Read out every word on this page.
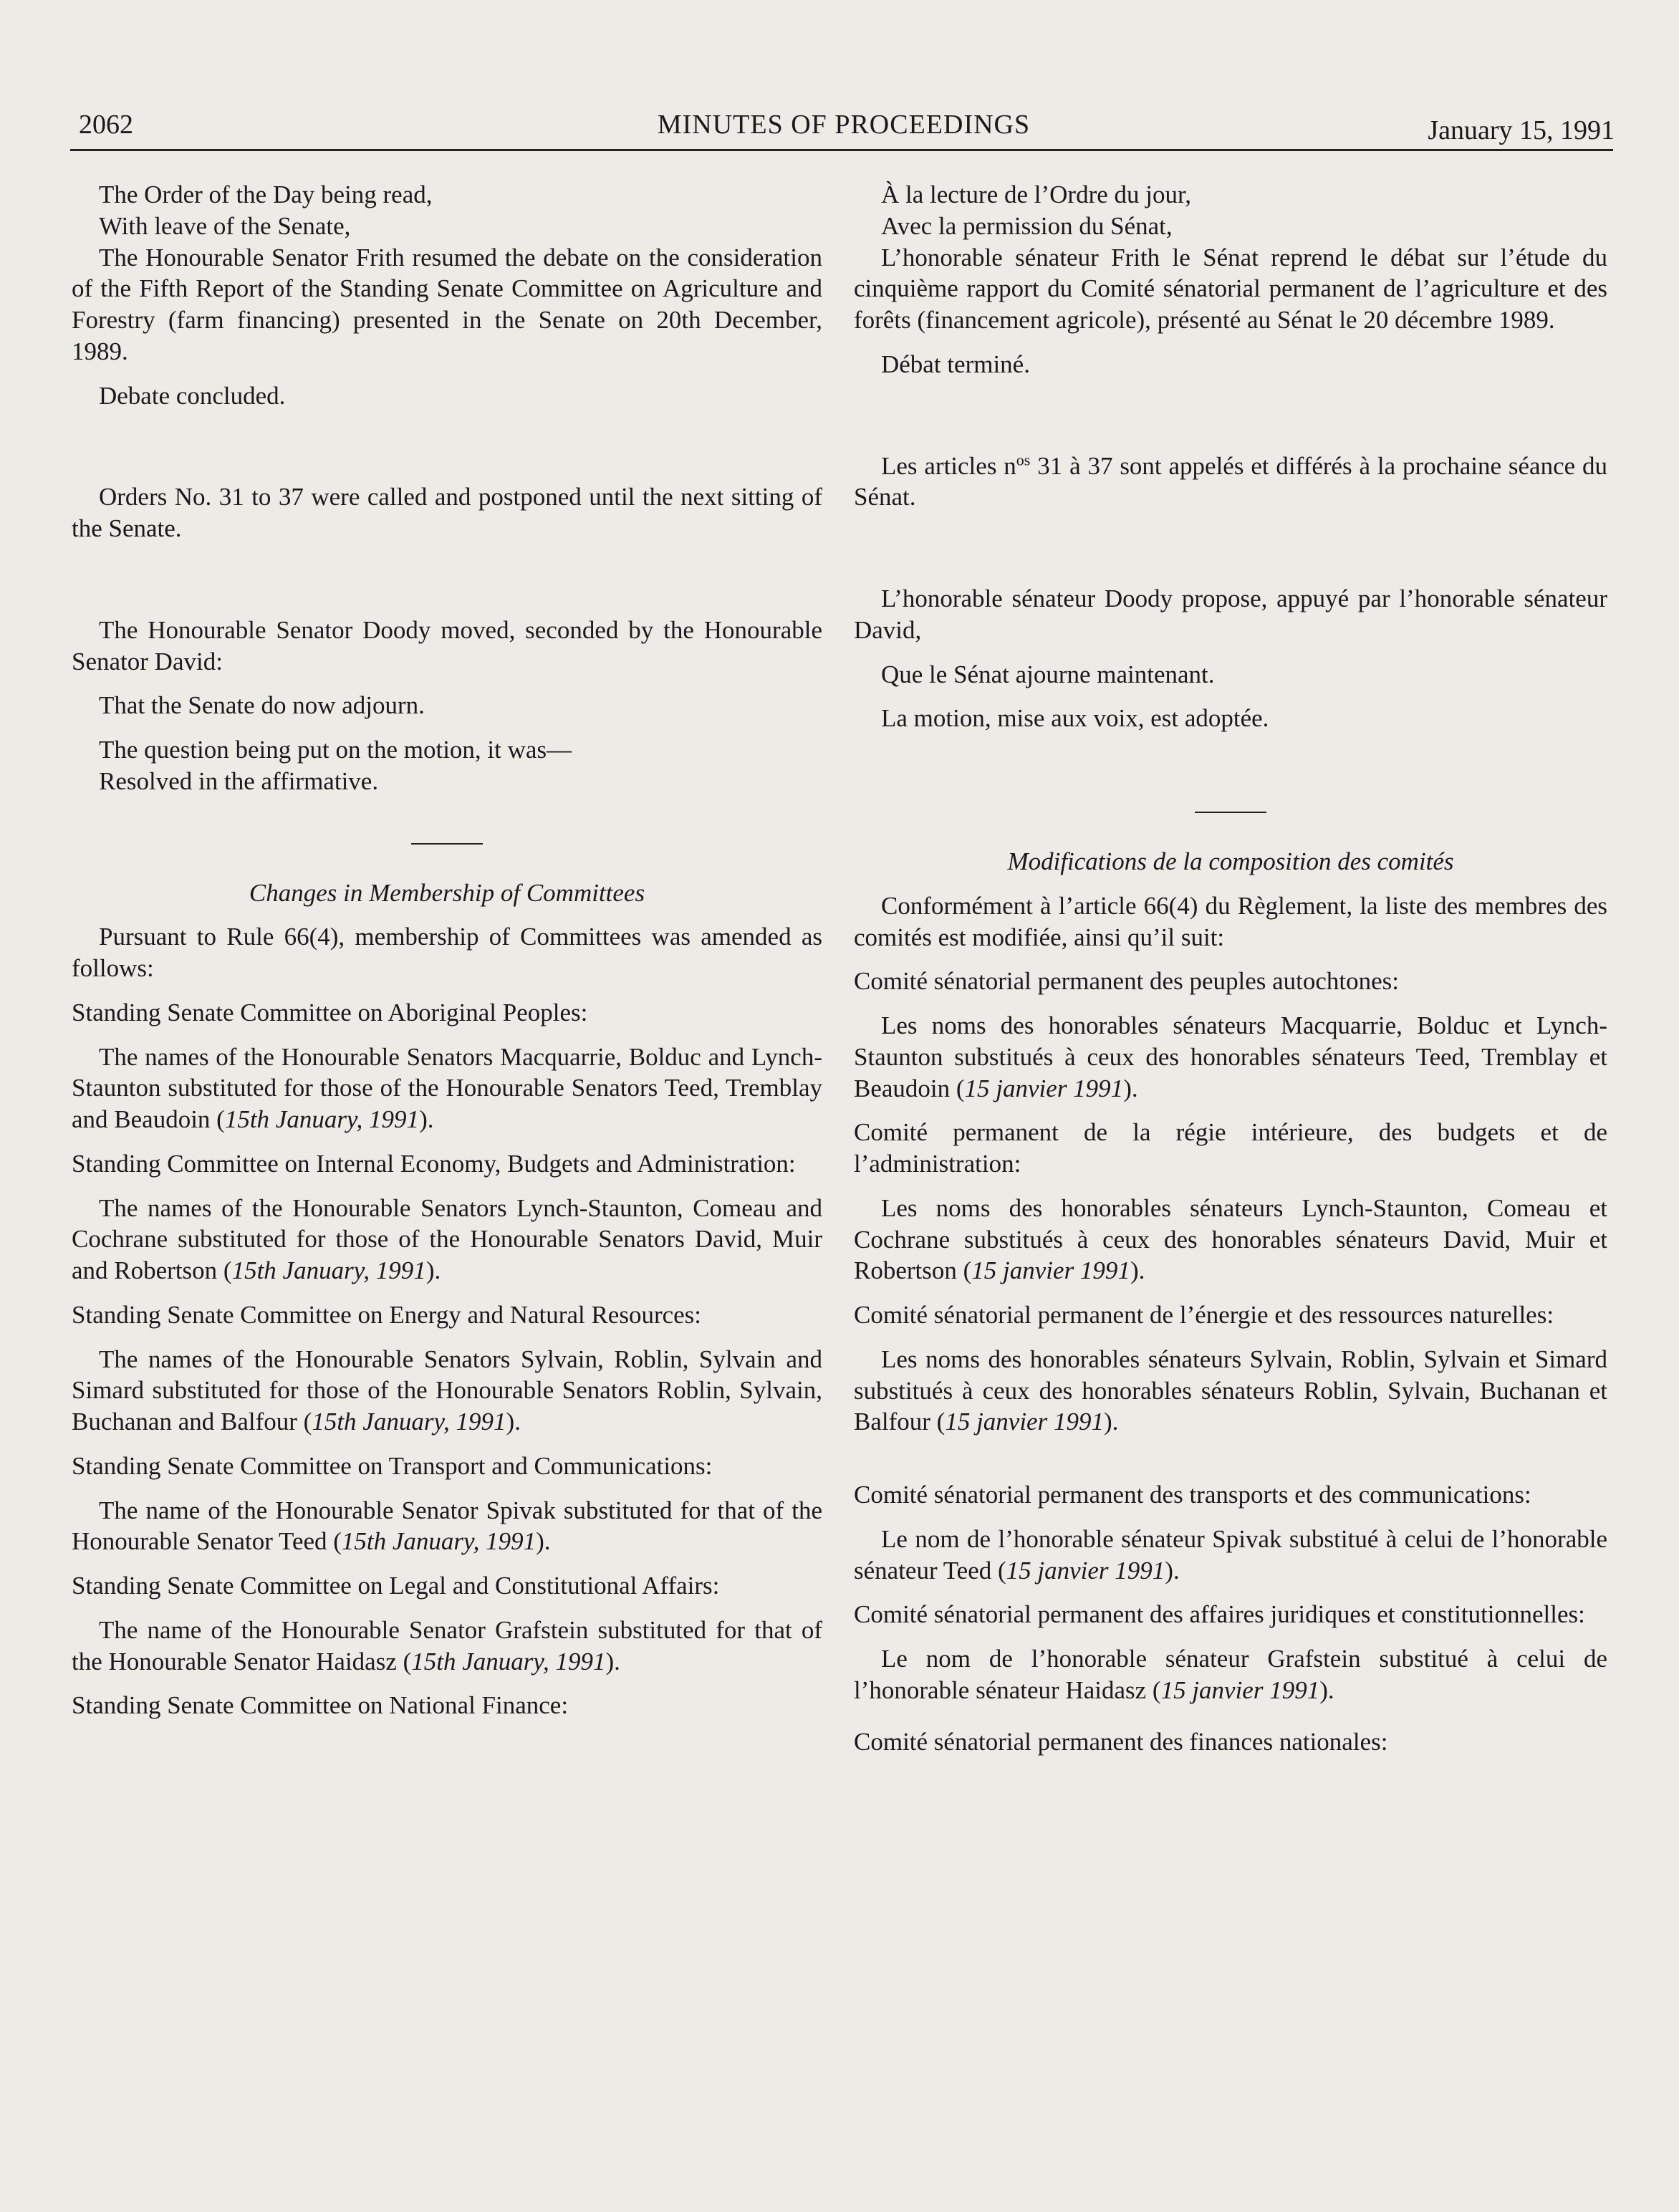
2062	MINUTES OF PROCEEDINGS	January 15, 1991
The Order of the Day being read,
With leave of the Senate,

The Honourable Senator Frith resumed the debate on the consideration of the Fifth Report of the Standing Senate Committee on Agriculture and Forestry (farm financing) presented in the Senate on 20th December, 1989.

Debate concluded.

Orders No. 31 to 37 were called and postponed until the next sitting of the Senate.

The Honourable Senator Doody moved, seconded by the Honourable Senator David:

That the Senate do now adjourn.

The question being put on the motion, it was—

Resolved in the affirmative.

Changes in Membership of Committees

Pursuant to Rule 66(4), membership of Committees was amended as follows:

Standing Senate Committee on Aboriginal Peoples:

The names of the Honourable Senators Macquarrie, Bolduc and Lynch-Staunton substituted for those of the Honourable Senators Teed, Tremblay and Beaudoin (15th January, 1991).

Standing Committee on Internal Economy, Budgets and Administration:

The names of the Honourable Senators Lynch-Staunton, Comeau and Cochrane substituted for those of the Honourable Senators David, Muir and Robertson (15th January, 1991).

Standing Senate Committee on Energy and Natural Resources:

The names of the Honourable Senators Sylvain, Roblin, Sylvain and Simard substituted for those of the Honourable Senators Roblin, Sylvain, Buchanan and Balfour (15th January, 1991).

Standing Senate Committee on Transport and Communications:

The name of the Honourable Senator Spivak substituted for that of the Honourable Senator Teed (15th January, 1991).

Standing Senate Committee on Legal and Constitutional Affairs:

The name of the Honourable Senator Grafstein substituted for that of the Honourable Senator Haidasz (15th January, 1991).

Standing Senate Committee on National Finance:

À la lecture de l’Ordre du jour,
Avec la permission du Sénat,

L’honorable sénateur Frith le Sénat reprend le débat sur l’étude du cinquième rapport du Comité sénatorial permanent de l’agriculture et des forêts (financement agricole), présenté au Sénat le 20 décembre 1989.

Débat terminé.

Les articles $n^{os}$ 31 à 37 sont appelés et différés à la prochaine séance du Sénat.

L’honorable sénateur Doody propose, appuyé par l’honorable sénateur David,

Que le Sénat ajourne maintenant.

La motion, mise aux voix, est adoptée.

Modifications de la composition des comités

Conformément à l’article 66(4) du Règlement, la liste des membres des comités est modifiée, ainsi qu’il suit:

Comité sénatorial permanent des peuples autochtones:

Les noms des honorables sénateurs Macquarrie, Bolduc et Lynch-Staunton substitués à ceux des honorables sénateurs Teed, Tremblay et Beaudoin (15 janvier 1991).

Comité permanent de la régie intérieure, des budgets et de l’administration:

Les noms des honorables sénateurs Lynch-Staunton, Comeau et Cochrane substitués à ceux des honorables sénateurs David, Muir et Robertson (15 janvier 1991).

Comité sénatorial permanent de l’énergie et des ressources naturelles:

Les noms des honorables sénateurs Sylvain, Roblin, Sylvain et Simard substitués à ceux des honorables sénateurs Roblin, Sylvain, Buchanan et Balfour (15 janvier 1991).

Comité sénatorial permanent des transports et des communications:

Le nom de l’honorable sénateur Spivak substitué à celui de l’honorable sénateur Teed (15 janvier 1991).

Comité sénatorial permanent des affaires juridiques et constitutionnelles:

Le nom de l’honorable sénateur Grafstein substitué à celui de l’honorable sénateur Haidasz (15 janvier 1991).

Comité sénatorial permanent des finances nationales:
